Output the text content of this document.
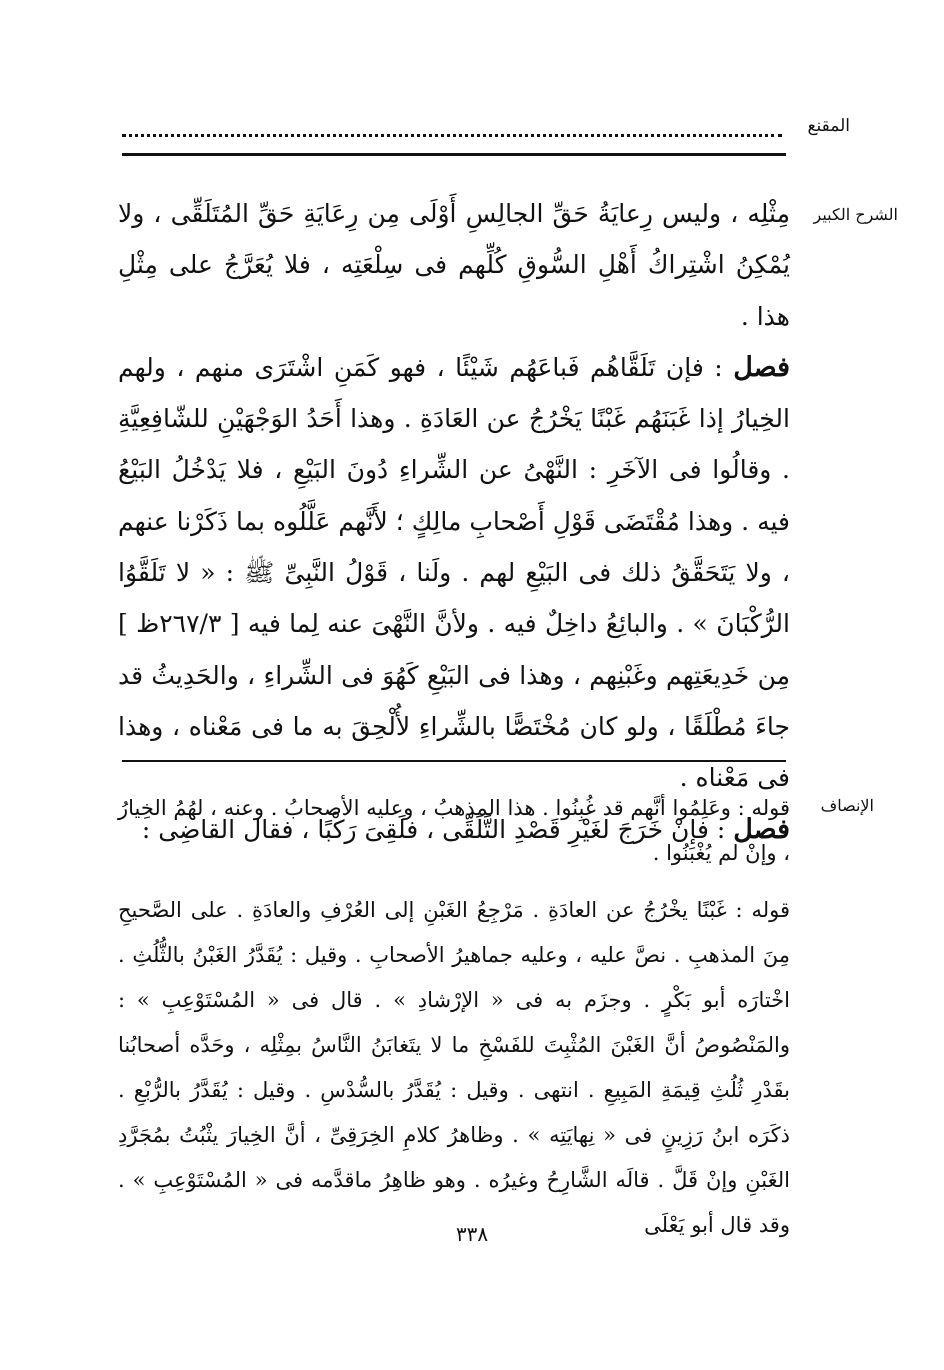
المقنع
الشرح الكبير

مِثْلِه ، وليس رِعايَةُ حَقِّ الجالِسِ أَوْلَى مِن رِعَايَةِ حَقِّ المُتَلَقِّى ، ولا يُمْكِنُ اشْتِراكُ أَهْلِ السُّوقِ كُلِّهم فى سِلْعَتِه ، فلا يُعَرَّجُ على مِثْلِ هذا .

فصل : فإن تَلَقَّاهُم فَباعَهُم شَيْئًا ، فهو كَمَنِ اشْتَرَى منهم ، ولهم الخِيارُ إذا غَبَنَهُم غَبْنًا يَخْرُجُ عن العَادَةِ . وهذا أَحَدُ الوَجْهَيْنِ للشّافِعِيَّةِ . وقالُوا فى الآخَرِ : النَّهْىُ عن الشِّراءِ دُونَ البَيْعِ ، فلا يَدْخُلُ البَيْعُ فيه . وهذا مُقْتَضَى قَوْلِ أَصْحابِ مالِكٍ ؛ لأَنَّهم عَلَّلُوه بما ذَكَرْنا عنهم ، ولا يَتَحَقَّقُ ذلك فى البَيْعِ لهم . ولَنا ، قَوْلُ النَّبِىِّ ﷺ : « لا تَلَقَّوُا الرُّكْبَانَ » . والبائِعُ داخِلٌ فيه . ولأنَّ النَّهْىَ عنه لِما فيه [ ٢٦٧/٣ظ ] مِن خَدِيعَتِهم وغَبْنِهم ، وهذا فى البَيْعِ كَهُوَ فى الشِّراءِ ، والحَدِيثُ قد جاءَ مُطْلَقًا ، ولو كان مُخْتَصًّا بالشِّراءِ لأُلْحِقَ به ما فى مَعْناه ، وهذا فى مَعْناه .

فصل : فإنْ خَرَجَ لغَيْرِ قَصْدِ التَّلَقِّى ، فلَقِىَ رَكْبًا ، فقال القاضِى :

الإنصاف

قوله : وعَلِمُوا أنَّهم قد غُبِنُوا . هذا المذهبُ ، وعليه الأصحابُ . وعنه ، لهُمُ الخِيارُ ، وإنْ لم يُغْبَنُوا .

قوله : غَبْنًا يخْرُجُ عن العادَةِ . مَرْجِعُ الغَبْنِ إلى العُرْفِ والعادَةِ . على الصَّحيحِ مِنَ المذهبِ . نصَّ عليه ، وعليه جماهيرُ الأصحابِ . وقيل : يُقَدَّرُ الغَبْنُ بالثُّلُثِ . اخْتارَه أبو بَكْرٍ . وجزَم به فى « الإرْشادِ » . قال فى « المُسْتَوْعِبِ » : والمَنْصُوصُ أنَّ الغَبْنَ المُثْبِتَ للفَسْخِ ما لا يتَغابَنُ النَّاسُ بمِثْلِه ، وحَدَّه أصحابُنا بقَدْرِ ثُلُثِ قِيمَةِ المَبِيعِ . انتهى . وقيل : يُقَدَّرُ بالسُّدْسِ . وقيل : يُقَدَّرُ بالرُّبْعِ . ذكَرَه ابنُ رَزِينٍ فى « نِهايَتِه » . وظاهرُ كلامِ الخِرَقِىِّ ، أنَّ الخِيارَ يثْبُتُ بمُجَرَّدِ الغَبْنِ وإنْ قَلَّ . قالَه الشَّارِحُ وغيرُه . وهو ظاهِرُ ماقدَّمه فى « المُسْتَوْعِبِ » . وقد قال أبو يَعْلَى

٣٣٨
